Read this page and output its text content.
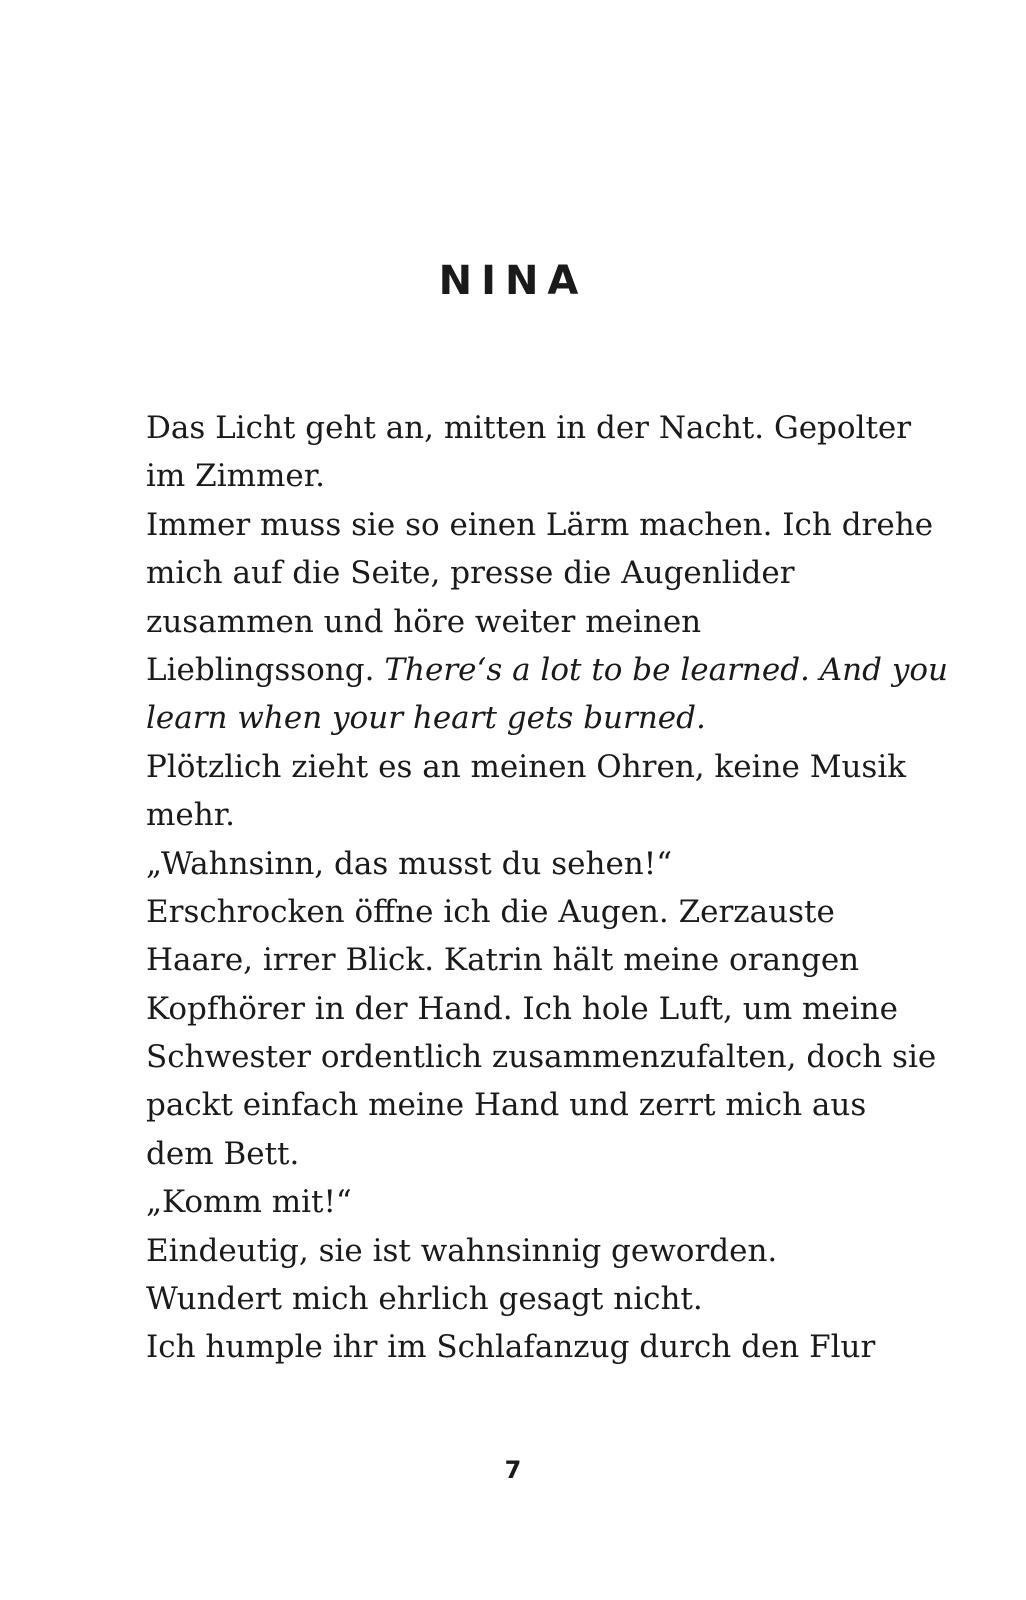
NINA
Das Licht geht an, mitten in der Nacht. Gepolter
im Zimmer.
Immer muss sie so einen Lärm machen. Ich drehe
mich auf die Seite, presse die Augenlider
zusammen und höre weiter meinen
Lieblingssong. There‘s a lot to be learned. And you
learn when your heart gets burned.
Plötzlich zieht es an meinen Ohren, keine Musik
mehr.
„Wahnsinn, das musst du sehen!“
Erschrocken öffne ich die Augen. Zerzauste
Haare, irrer Blick. Katrin hält meine orangen
Kopfhörer in der Hand. Ich hole Luft, um meine
Schwester ordentlich zusammenzufalten, doch sie
packt einfach meine Hand und zerrt mich aus
dem Bett.
„Komm mit!“
Eindeutig, sie ist wahnsinnig geworden.
Wundert mich ehrlich gesagt nicht.
Ich humple ihr im Schlafanzug durch den Flur
7
